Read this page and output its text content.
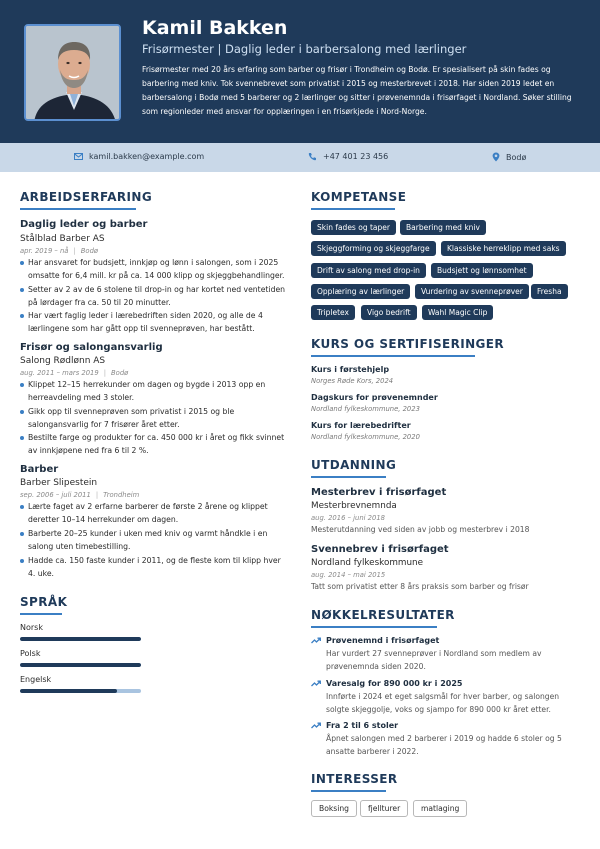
Kamil Bakken
Frisørmester | Daglig leder i barbersalong med lærlinger
Frisørmester med 20 års erfaring som barber og frisør i Trondheim og Bodø. Er spesialisert på skin fades og barbering med kniv. Tok svennebrevet som privatist i 2015 og mesterbrevet i 2018. Har siden 2019 ledet en barbersalong i Bodø med 5 barberer og 2 lærlinger og sitter i prøvenemnda i frisørfaget i Nordland. Søker stilling som regionleder med ansvar for opplæringen i en frisørkjede i Nord-Norge.
kamil.bakken@example.com	+47 401 23 456	Bodø
ARBEIDSERFARING
Daglig leder og barber
Stålblad Barber AS
apr. 2019 – nå | Bodø
Har ansvaret for budsjett, innkjøp og lønn i salongen, som i 2025 omsatte for 6,4 mill. kr på ca. 14 000 klipp og skjeggbehandlinger.
Setter av 2 av de 6 stolene til drop-in og har kortet ned ventetiden på lørdager fra ca. 50 til 20 minutter.
Har vært faglig leder i lærebedriften siden 2020, og alle de 4 lærlingene som har gått opp til svenneprøven, har bestått.
Frisør og salongansvarlig
Salong Rødlønn AS
aug. 2011 – mars 2019 | Bodø
Klippet 12–15 herrekunder om dagen og bygde i 2013 opp en herreavdeling med 3 stoler.
Gikk opp til svenneprøven som privatist i 2015 og ble salongansvarlig for 7 frisører året etter.
Bestilte farge og produkter for ca. 450 000 kr i året og fikk svinnet av innkjøpene ned fra 6 til 2 %.
Barber
Barber Slipestein
sep. 2006 – juli 2011 | Trondheim
Lærte faget av 2 erfarne barberer de første 2 årene og klippet deretter 10–14 herrekunder om dagen.
Barberte 20–25 kunder i uken med kniv og varmt håndkle i en salong uten timebestilling.
Hadde ca. 150 faste kunder i 2011, og de fleste kom til klipp hver 4. uke.
SPRÅK
Norsk
Polsk
Engelsk
KOMPETANSE
Skin fades og taper	Barbering med kniv
Skjeggforming og skjeggfarge	Klassiske herreklipp med saks
Drift av salong med drop-in	Budsjett og lønnsomhet
Opplæring av lærlinger	Vurdering av svenneprøver	Fresha
Tripletex	Vigo bedrift	Wahl Magic Clip
KURS OG SERTIFISERINGER
Kurs i førstehjelp
Norges Røde Kors, 2024
Dagskurs for prøvenemnder
Nordland fylkeskommune, 2023
Kurs for lærebedrifter
Nordland fylkeskommune, 2020
UTDANNING
Mesterbrev i frisørfaget
Mesterbrevnemnda
aug. 2016 – juni 2018
Mesterutdanning ved siden av jobb og mesterbrev i 2018
Svennebrev i frisørfaget
Nordland fylkeskommune
aug. 2014 – mai 2015
Tatt som privatist etter 8 års praksis som barber og frisør
NØKKELRESULTATER
Prøvenemnd i frisørfaget
Har vurdert 27 svenneprøver i Nordland som medlem av prøvenemnda siden 2020.
Varesalg for 890 000 kr i 2025
Innførte i 2024 et eget salgsmål for hver barber, og salongen solgte skjeggolje, voks og sjampo for 890 000 kr året etter.
Fra 2 til 6 stoler
Åpnet salongen med 2 barberer i 2019 og hadde 6 stoler og 5 ansatte barberer i 2022.
INTERESSER
Boksing	fjellturer	matlaging
